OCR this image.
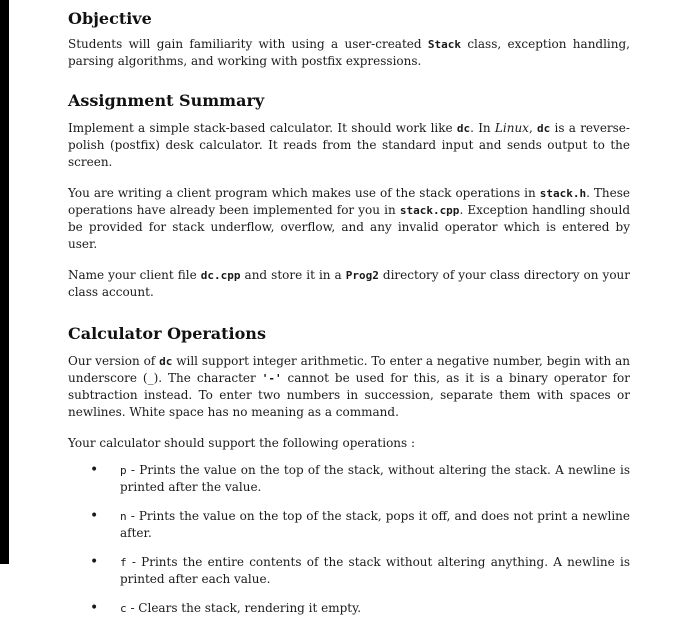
Objective

Students will gain familiarity with using a user-created Stack class, exception handling, parsing algorithms, and working with postfix expressions.

Assignment Summary

Implement a simple stack-based calculator. It should work like dc. In Linux, dc is a reverse-polish (postfix) desk calculator. It reads from the standard input and sends output to the screen.

You are writing a client program which makes use of the stack operations in stack.h. These operations have already been implemented for you in stack.cpp. Exception handling should be provided for stack underflow, overflow, and any invalid operator which is entered by user.

Name your client file dc.cpp and store it in a Prog2 directory of your class directory on your class account.

Calculator Operations

Our version of dc will support integer arithmetic. To enter a negative number, begin with an underscore (_). The character '-' cannot be used for this, as it is a binary operator for subtraction instead. To enter two numbers in succession, separate them with spaces or newlines. White space has no meaning as a command.

Your calculator should support the following operations :

• p - Prints the value on the top of the stack, without altering the stack. A newline is printed after the value.
• n - Prints the value on the top of the stack, pops it off, and does not print a newline after.
• f - Prints the entire contents of the stack without altering anything. A newline is printed after each value.
• c - Clears the stack, rendering it empty.
